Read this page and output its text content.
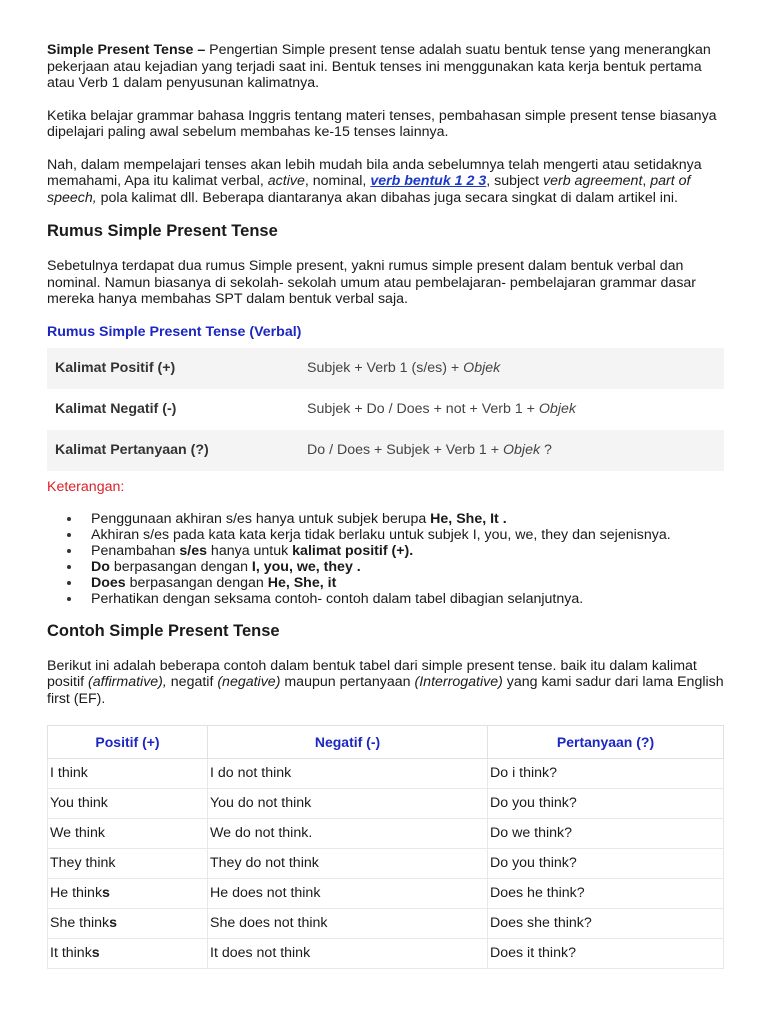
Simple Present Tense – Pengertian Simple present tense adalah suatu bentuk tense yang menerangkan pekerjaan atau kejadian yang terjadi saat ini. Bentuk tenses ini menggunakan kata kerja bentuk pertama atau Verb 1 dalam penyusunan kalimatnya.

Ketika belajar grammar bahasa Inggris tentang materi tenses, pembahasan simple present tense biasanya dipelajari paling awal sebelum membahas ke-15 tenses lainnya.

Nah, dalam mempelajari tenses akan lebih mudah bila anda sebelumnya telah mengerti atau setidaknya memahami, Apa itu kalimat verbal, active, nominal, verb bentuk 1 2 3, subject verb agreement, part of speech, pola kalimat dll. Beberapa diantaranya akan dibahas juga secara singkat di dalam artikel ini.

Rumus Simple Present Tense

Sebetulnya terdapat dua rumus Simple present, yakni rumus simple present dalam bentuk verbal dan nominal. Namun biasanya di sekolah- sekolah umum atau pembelajaran- pembelajaran grammar dasar mereka hanya membahas SPT dalam bentuk verbal saja.

Rumus Simple Present Tense (Verbal)
Kalimat Positif (+)	Subjek + Verb 1 (s/es) + Objek
Kalimat Negatif (-)	Subjek + Do / Does + not + Verb 1 + Objek
Kalimat Pertanyaan (?)	Do / Does + Subjek + Verb 1 + Objek ?
Keterangan:
Penggunaan akhiran s/es hanya untuk subjek berupa He, She, It .
Akhiran s/es pada kata kata kerja tidak berlaku untuk subjek I, you, we, they dan sejenisnya.
Penambahan s/es hanya untuk kalimat positif (+).
Do berpasangan dengan I, you, we, they .
Does berpasangan dengan He, She, it
Perhatikan dengan seksama contoh- contoh dalam tabel dibagian selanjutnya.
Contoh Simple Present Tense

Berikut ini adalah beberapa contoh dalam bentuk tabel dari simple present tense. baik itu dalam kalimat positif (affirmative), negatif (negative) maupun pertanyaan (Interrogative) yang kami sadur dari lama English first (EF).

Positif (+)	Negatif (-)	Pertanyaan (?)
I think	I do not think	Do i think?
You think	You do not think	Do you think?
We think	We do not think.	Do we think?
They think	They do not think	Do you think?
He thinks	He does not think	Does he think?
She thinks	She does not think	Does she think?
It thinks	It does not think	Does it think?
